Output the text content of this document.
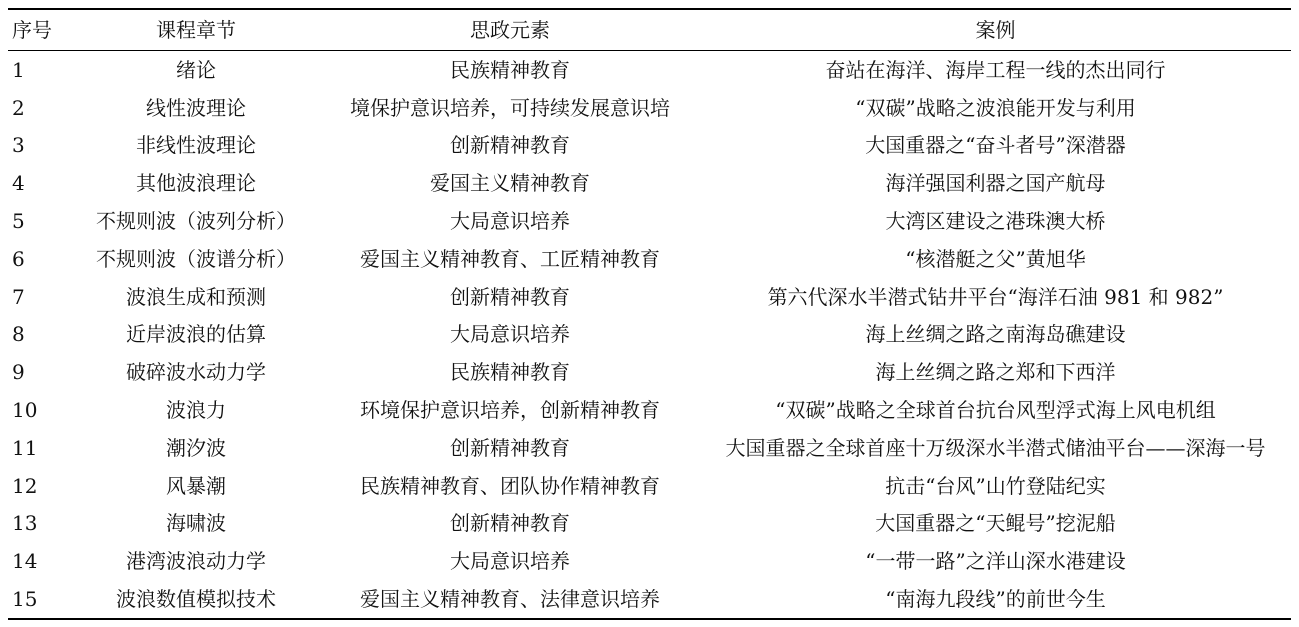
序号	课程章节	思政元素	案例
1	绪论	民族精神教育	奋站在海洋、海岸工程一线的杰出同行
2	线性波理论	境保护意识培养，可持续发展意识培	“双碳”战略之波浪能开发与利用
3	非线性波理论	创新精神教育	大国重器之“奋斗者号”深潜器
4	其他波浪理论	爱国主义精神教育	海洋强国利器之国产航母
5	不规则波（波列分析）	大局意识培养	大湾区建设之港珠澳大桥
6	不规则波（波谱分析）	爱国主义精神教育、工匠精神教育	“核潜艇之父”黄旭华
7	波浪生成和预测	创新精神教育	第六代深水半潜式钻井平台“海洋石油 981 和 982”
8	近岸波浪的估算	大局意识培养	海上丝绸之路之南海岛礁建设
9	破碎波水动力学	民族精神教育	海上丝绸之路之郑和下西洋
10	波浪力	环境保护意识培养，创新精神教育	“双碳”战略之全球首台抗台风型浮式海上风电机组
11	潮汐波	创新精神教育	大国重器之全球首座十万级深水半潜式储油平台——深海一号
12	风暴潮	民族精神教育、团队协作精神教育	抗击“台风”山竹登陆纪实
13	海啸波	创新精神教育	大国重器之“天鲲号”挖泥船
14	港湾波浪动力学	大局意识培养	“一带一路”之洋山深水港建设
15	波浪数值模拟技术	爱国主义精神教育、法律意识培养	“南海九段线”的前世今生
